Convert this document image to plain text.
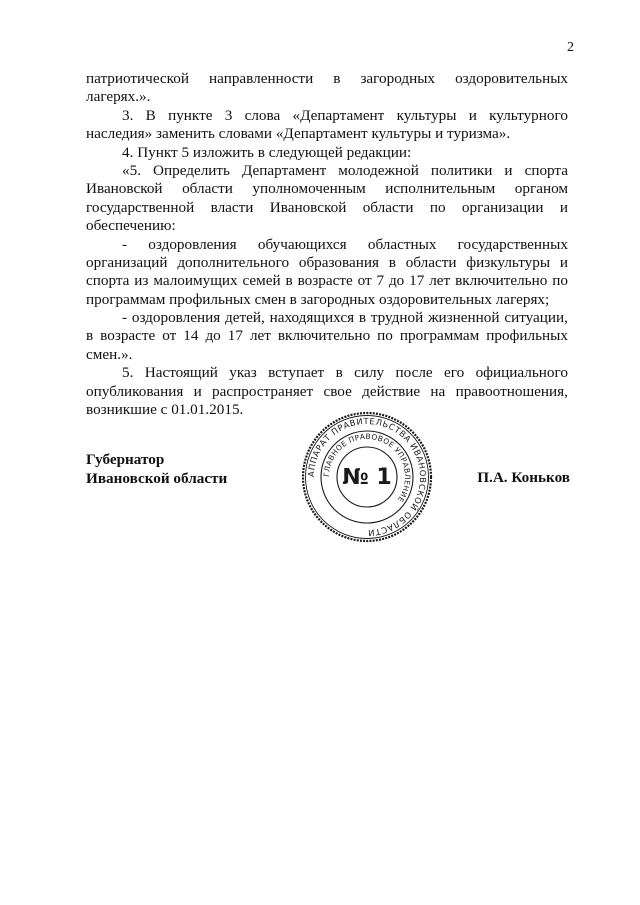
2
патриотической направленности в загородных оздоровительных
лагерях.».
3. В пункте 3 слова «Департамент культуры и культурного
наследия» заменить словами «Департамент культуры и туризма».
4. Пункт 5 изложить в следующей редакции:
«5. Определить Департамент молодежной политики и спорта
Ивановской области уполномоченным исполнительным органом
государственной власти Ивановской области по организации и
обеспечению:
- оздоровления обучающихся областных государственных
организаций дополнительного образования в области физкультуры и
спорта из малоимущих семей в возрасте от 7 до 17 лет включительно по
программам профильных смен в загородных оздоровительных лагерях;
- оздоровления детей, находящихся в трудной жизненной ситуации,
в возрасте от 14 до 17 лет включительно по программам профильных
смен.».
5. Настоящий указ вступает в силу после его официального
опубликования и распространяет свое действие на правоотношения,
возникшие с 01.01.2015.
Губернатор
Ивановской области	АППАРАТ ПРАВИТЕЛЬСТВА ИВАНОВСКОЙ ОБЛАСТИ
ГЛАВНОЕ ПРАВОВОЕ УПРАВЛЕНИЕ
№ 1	П.А. Коньков
